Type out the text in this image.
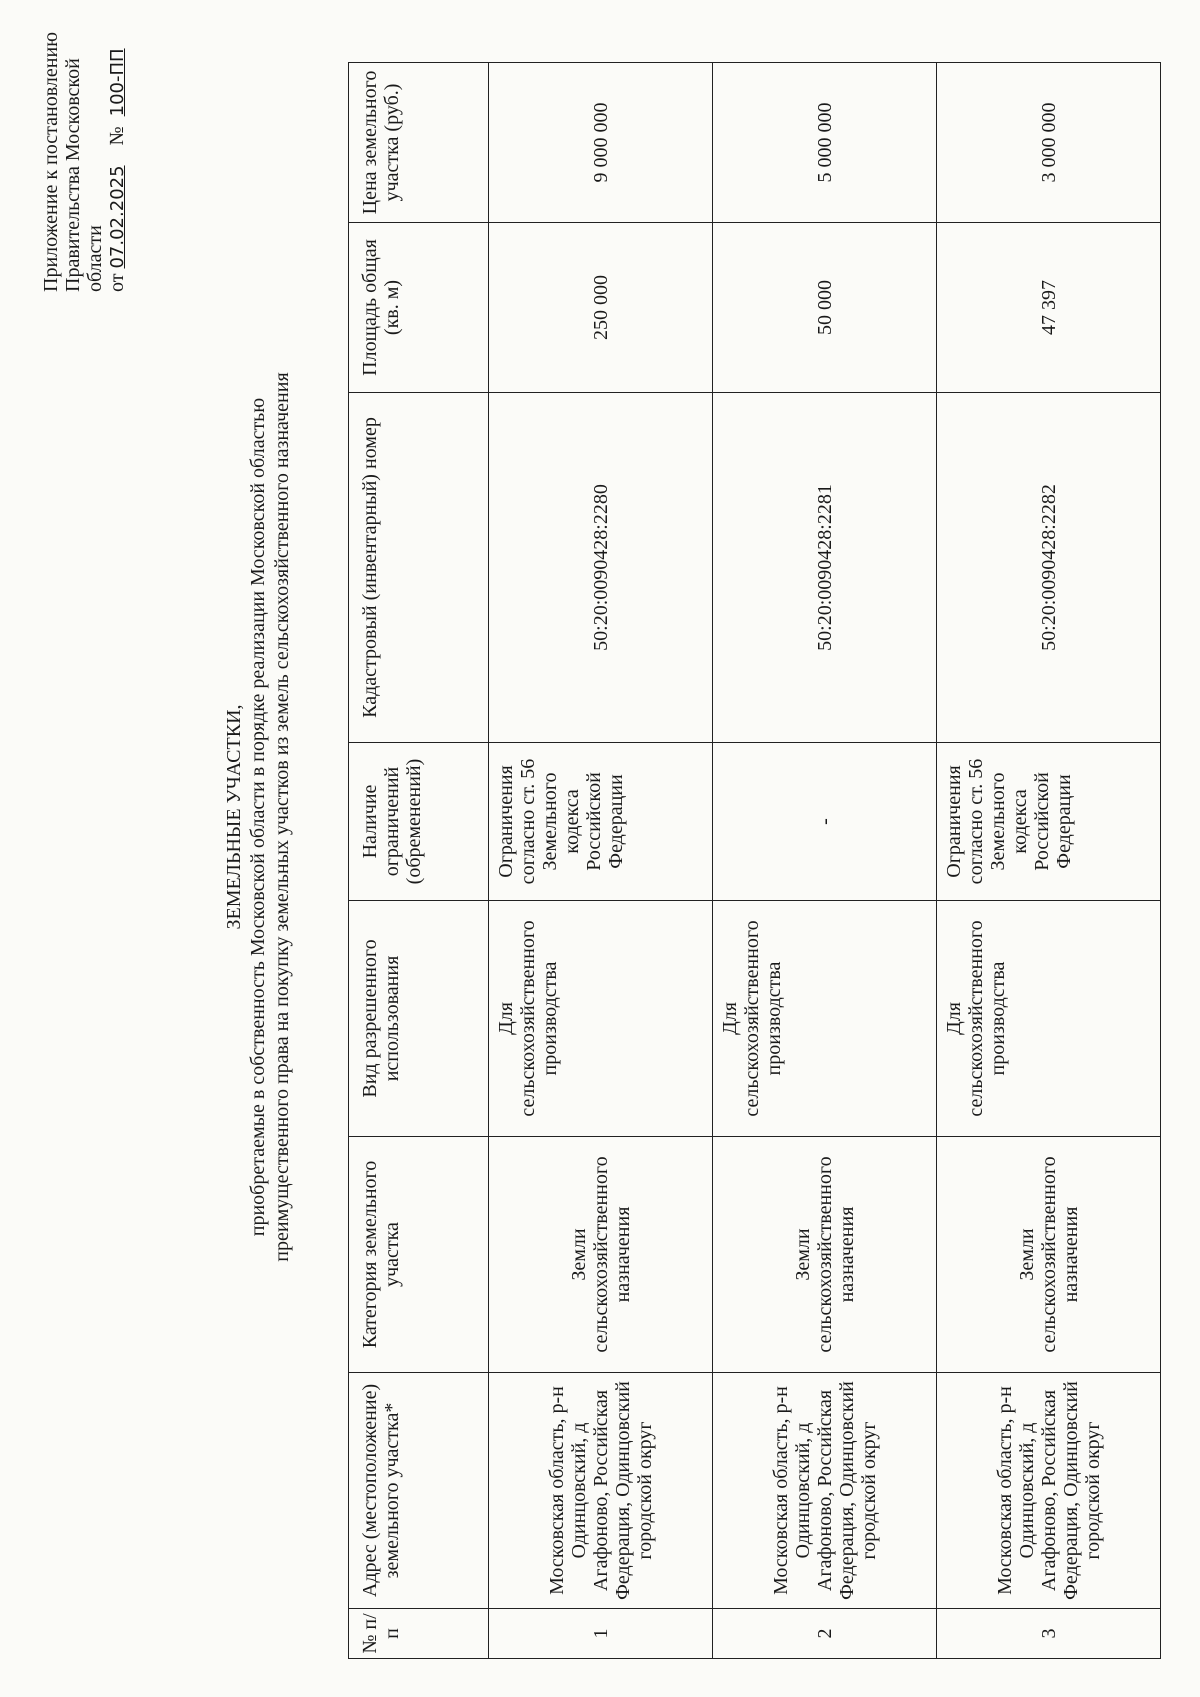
Приложение к постановлению Правительства Московской области от 07.02.2025    №  100-ПП
ЗЕМЕЛЬНЫЕ УЧАСТКИ, приобретаемые в собственность Московской области в порядке реализации Московской областью преимущественного права на покупку земельных участков из земель сельскохозяйственного назначения
№ п/п	Адрес (местоположение) земельного участка*	Категория земельного участка	Вид разрешенного использования	Наличие ограничений (обременений)	Кадастровый (инвентарный) номер	Площадь общая (кв. м)	Цена земельного участка (руб.)
1	Московская область, р-н Одинцовский, д Агафоново, Российская Федерация, Одинцовский городской округ	Земли сельскохозяйственного назначения	Для сельскохозяйственного производства	Ограничения согласно ст. 56 Земельного кодекса Российской Федерации	50:20:0090428:2280	250 000	9 000 000
2	Московская область, р-н Одинцовский, д Агафоново, Российская Федерация, Одинцовский городской округ	Земли сельскохозяйственного назначения	Для сельскохозяйственного производства	-	50:20:0090428:2281	50 000	5 000 000
3	Московская область, р-н Одинцовский, д Агафоново, Российская Федерация, Одинцовский городской округ	Земли сельскохозяйственного назначения	Для сельскохозяйственного производства	Ограничения согласно ст. 56 Земельного кодекса Российской Федерации	50:20:0090428:2282	47 397	3 000 000
